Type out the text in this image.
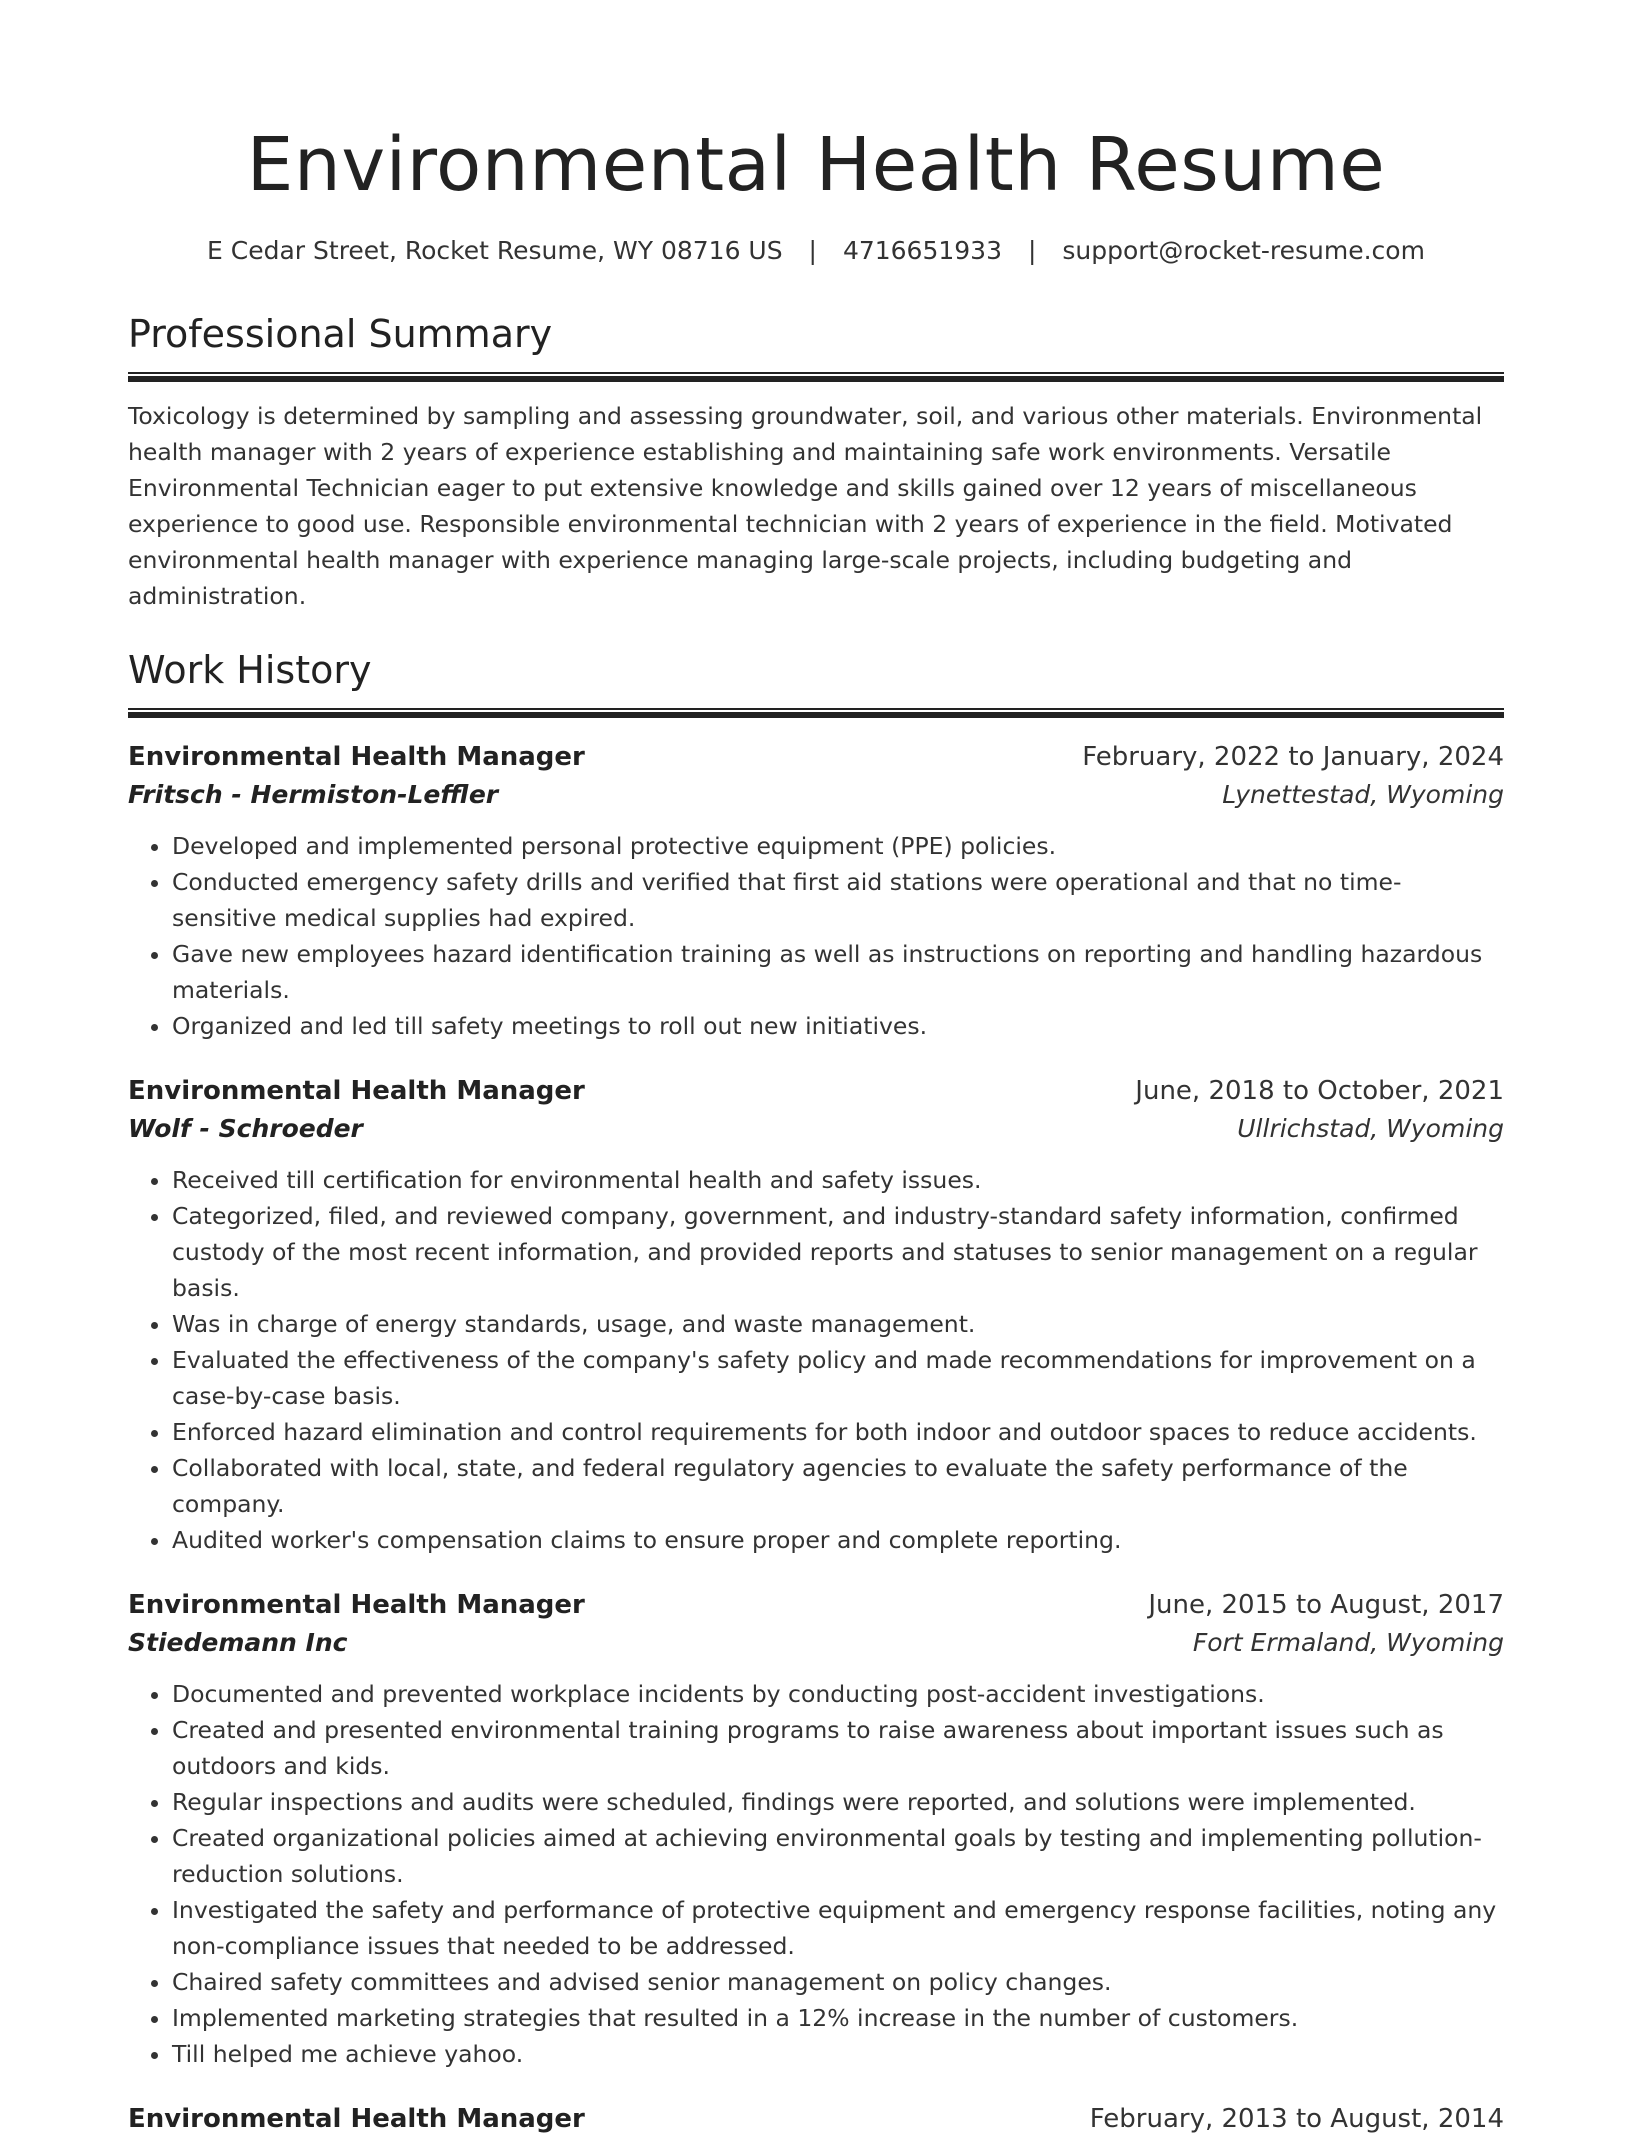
Environmental Health Resume
E Cedar Street, Rocket Resume, WY 08716 US | 4716651933 | support@rocket-resume.com
Professional Summary

Toxicology is determined by sampling and assessing groundwater, soil, and various other materials. Environmental health manager with 2 years of experience establishing and maintaining safe work environments. Versatile Environmental Technician eager to put extensive knowledge and skills gained over 12 years of miscellaneous experience to good use. Responsible environmental technician with 2 years of experience in the field. Motivated environmental health manager with experience managing large-scale projects, including budgeting and administration.

Work History
Environmental Health Manager	February, 2022 to January, 2024
Fritsch - Hermiston-Leffler	Lynettestad, Wyoming
• Developed and implemented personal protective equipment (PPE) policies.
• Conducted emergency safety drills and verified that first aid stations were operational and that no time-sensitive medical supplies had expired.
• Gave new employees hazard identification training as well as instructions on reporting and handling hazardous materials.
• Organized and led till safety meetings to roll out new initiatives.
Environmental Health Manager	June, 2018 to October, 2021
Wolf - Schroeder	Ullrichstad, Wyoming
• Received till certification for environmental health and safety issues.
• Categorized, filed, and reviewed company, government, and industry-standard safety information, confirmed custody of the most recent information, and provided reports and statuses to senior management on a regular basis.
• Was in charge of energy standards, usage, and waste management.
• Evaluated the effectiveness of the company's safety policy and made recommendations for improvement on a case-by-case basis.
• Enforced hazard elimination and control requirements for both indoor and outdoor spaces to reduce accidents.
• Collaborated with local, state, and federal regulatory agencies to evaluate the safety performance of the company.
• Audited worker's compensation claims to ensure proper and complete reporting.
Environmental Health Manager	June, 2015 to August, 2017
Stiedemann Inc	Fort Ermaland, Wyoming
• Documented and prevented workplace incidents by conducting post-accident investigations.
• Created and presented environmental training programs to raise awareness about important issues such as outdoors and kids.
• Regular inspections and audits were scheduled, findings were reported, and solutions were implemented.
• Created organizational policies aimed at achieving environmental goals by testing and implementing pollution-reduction solutions.
• Investigated the safety and performance of protective equipment and emergency response facilities, noting any non-compliance issues that needed to be addressed.
• Chaired safety committees and advised senior management on policy changes.
• Implemented marketing strategies that resulted in a 12% increase in the number of customers.
• Till helped me achieve yahoo.
Environmental Health Manager	February, 2013 to August, 2014
